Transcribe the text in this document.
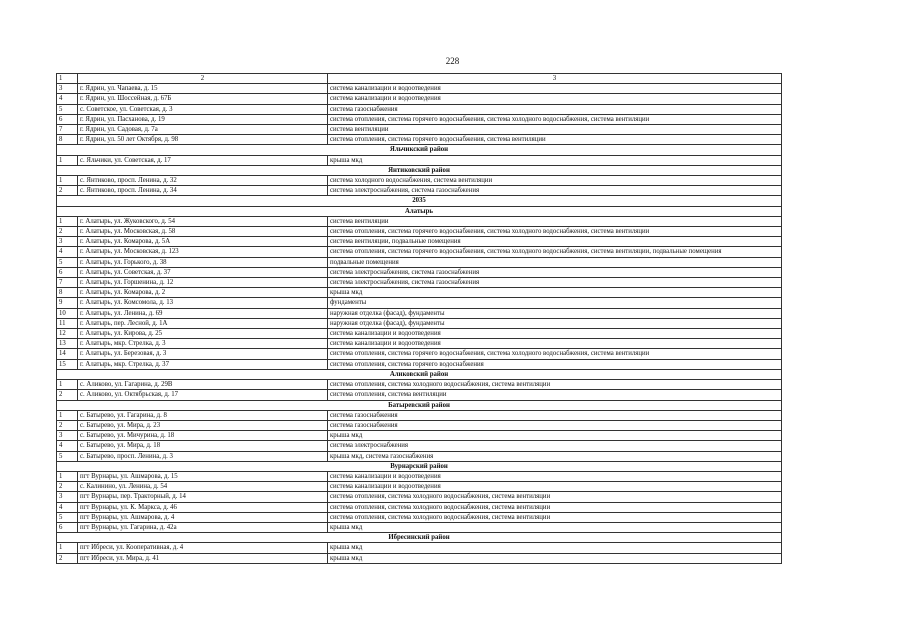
228
1	2	3
3	г. Ядрин, ул. Чапаева, д. 15	система канализации и водоотведения
4	г. Ядрин, ул. Шоссейная, д. 67Б	система канализации и водоотведения
5	с. Советское, ул. Советская, д. 3	система газоснабжения
6	г. Ядрин, ул. Пасханова, д. 19	система отопления, система горячего водоснабжения, система холодного водоснабжения, система вентиляции
7	г. Ядрин, ул. Садовая, д. 7а	система вентиляции
8	г. Ядрин, ул. 50 лет Октября, д. 98	система отопления, система горячего водоснабжения, система вентиляции
Яльчикский район		
1	с. Яльчики, ул. Советская, д. 17	крыша мкд
Янтиковский район		
1	с. Янтиково, просп. Ленина, д. 32	система холодного водоснабжения, система вентиляции
2	с. Янтиково, просп. Ленина, д. 34	система электроснабжения, система газоснабжения
2035		
Алатырь		
1	г. Алатырь, ул. Жуковского, д. 54	система вентиляции
2	г. Алатырь, ул. Московская, д. 58	система отопления, система горячего водоснабжения, система холодного водоснабжения, система вентиляции
3	г. Алатырь, ул. Комарова, д. 5А	система вентиляции, подвальные помещения
4	г. Алатырь, ул. Московская, д. 123	система отопления, система горячего водоснабжения, система холодного водоснабжения, система вентиляции, подвальные помещения
5	г. Алатырь, ул. Горького, д. 38	подвальные помещения
6	г. Алатырь, ул. Советская, д. 37	система электроснабжения, система газоснабжения
7	г. Алатырь, ул. Горшенина, д. 12	система электроснабжения, система газоснабжения
8	г. Алатырь, ул. Комарова, д. 2	крыша мкд
9	г. Алатырь, ул. Комсомола, д. 13	фундаменты
10	г. Алатырь, ул. Ленина, д. 69	наружная отделка (фасад), фундаменты
11	г. Алатырь, пер. Лесной, д. 1А	наружная отделка (фасад), фундаменты
12	г. Алатырь, ул. Кирова, д. 25	система канализации и водоотведения
13	г. Алатырь, мкр. Стрелка, д. 3	система канализации и водоотведения
14	г. Алатырь, ул. Березовая, д. 3	система отопления, система горячего водоснабжения, система холодного водоснабжения, система вентиляции
15	г. Алатырь, мкр. Стрелка, д. 37	система отопления, система горячего водоснабжения
Аликовский район		
1	с. Аликово, ул. Гагарина, д. 29В	система отопления, система холодного водоснабжения, система вентиляции
2	с. Аликово, ул. Октябрьская, д. 17	система отопления, система вентиляции
Батыревский район		
1	с. Батырево, ул. Гагарина, д. 8	система газоснабжения
2	с. Батырево, ул. Мира, д. 23	система газоснабжения
3	с. Батырево, ул. Мичурина, д. 18	крыша мкд
4	с. Батырево, ул. Мира, д. 18	система электроснабжения
5	с. Батырево, просп. Ленина, д. 3	крыша мкд, система газоснабжения
Вурнарский район		
1	пгт Вурнары, ул. Ашмарова, д. 15	система канализации и водоотведения
2	с. Калинино, ул. Ленина, д. 54	система канализации и водоотведения
3	пгт Вурнары, пер. Тракторный, д. 14	система отопления, система холодного водоснабжения, система вентиляции
4	пгт Вурнары, ул. К. Маркса, д. 46	система отопления, система холодного водоснабжения, система вентиляции
5	пгт Вурнары, ул. Ашмарова, д. 4	система отопления, система холодного водоснабжения, система вентиляции
6	пгт Вурнары, ул. Гагарина, д. 42а	крыша мкд
Ибресинский район		
1	пгт Ибреси, ул. Кооперативная, д. 4	крыша мкд
2	пгт Ибреси, ул. Мира, д. 41	крыша мкд
